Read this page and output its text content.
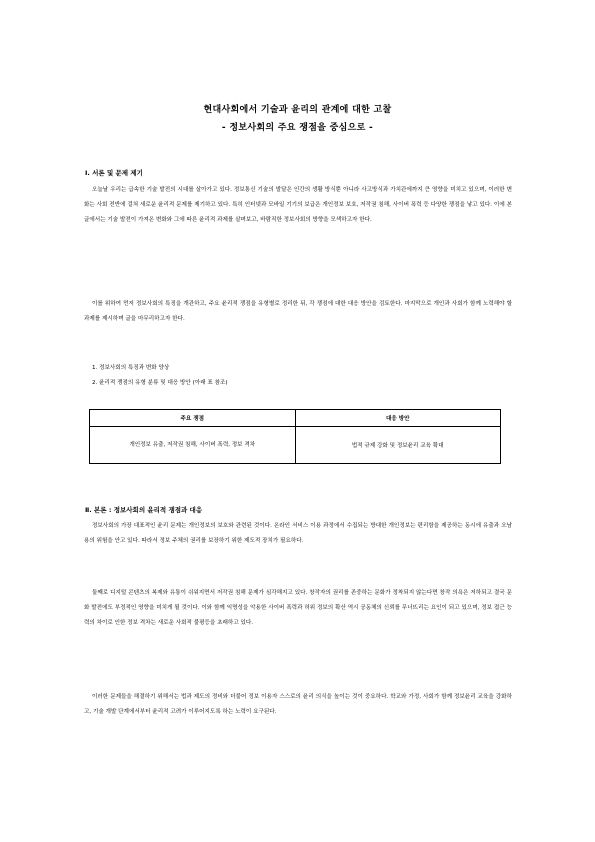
현대사회에서 기술과 윤리의 관계에 대한 고찰
- 정보사회의 주요 쟁점을 중심으로 -
Ⅰ. 서론 및 문제 제기

오늘날 우리는 급속한 기술 발전의 시대를 살아가고 있다. 정보통신 기술의 발달은 인간의 생활 방식뿐 아니라 사고방식과 가치관에까지 큰 영향을 미치고 있으며, 이러한 변화는 사회 전반에 걸쳐 새로운 윤리적 문제를 제기하고 있다. 특히 인터넷과 모바일 기기의 보급은 개인정보 보호, 저작권 침해, 사이버 폭력 등 다양한 쟁점을 낳고 있다. 이에 본 글에서는 기술 발전이 가져온 변화와 그에 따른 윤리적 과제를 살펴보고, 바람직한 정보사회의 방향을 모색하고자 한다.

이를 위하여 먼저 정보사회의 특징을 개관하고, 주요 윤리적 쟁점을 유형별로 정리한 뒤, 각 쟁점에 대한 대응 방안을 검토한다. 마지막으로 개인과 사회가 함께 노력해야 할 과제를 제시하며 글을 마무리하고자 한다.

1. 정보사회의 특징과 변화 양상
2. 윤리적 쟁점의 유형 분류 및 대응 방안 (아래 표 참조)
주요 쟁점	대응 방안
개인정보 유출, 저작권 침해, 사이버 폭력, 정보 격차	법적 규제 강화 및 정보윤리 교육 확대
Ⅱ. 본론 : 정보사회의 윤리적 쟁점과 대응

정보사회의 가장 대표적인 윤리 문제는 개인정보의 보호와 관련된 것이다. 온라인 서비스 이용 과정에서 수집되는 방대한 개인정보는 편리함을 제공하는 동시에 유출과 오남용의 위험을 안고 있다. 따라서 정보 주체의 권리를 보장하기 위한 제도적 장치가 필요하다.

둘째로 디지털 콘텐츠의 복제와 유통이 쉬워지면서 저작권 침해 문제가 심각해지고 있다. 창작자의 권리를 존중하는 문화가 정착되지 않는다면 창작 의욕은 저하되고 결국 문화 발전에도 부정적인 영향을 미치게 될 것이다. 이와 함께 익명성을 악용한 사이버 폭력과 허위 정보의 확산 역시 공동체의 신뢰를 무너뜨리는 요인이 되고 있으며, 정보 접근 능력의 차이로 인한 정보 격차는 새로운 사회적 불평등을 초래하고 있다.

이러한 문제들을 해결하기 위해서는 법과 제도의 정비와 더불어 정보 이용자 스스로의 윤리 의식을 높이는 것이 중요하다. 학교와 가정, 사회가 함께 정보윤리 교육을 강화하고, 기술 개발 단계에서부터 윤리적 고려가 이루어지도록 하는 노력이 요구된다.
